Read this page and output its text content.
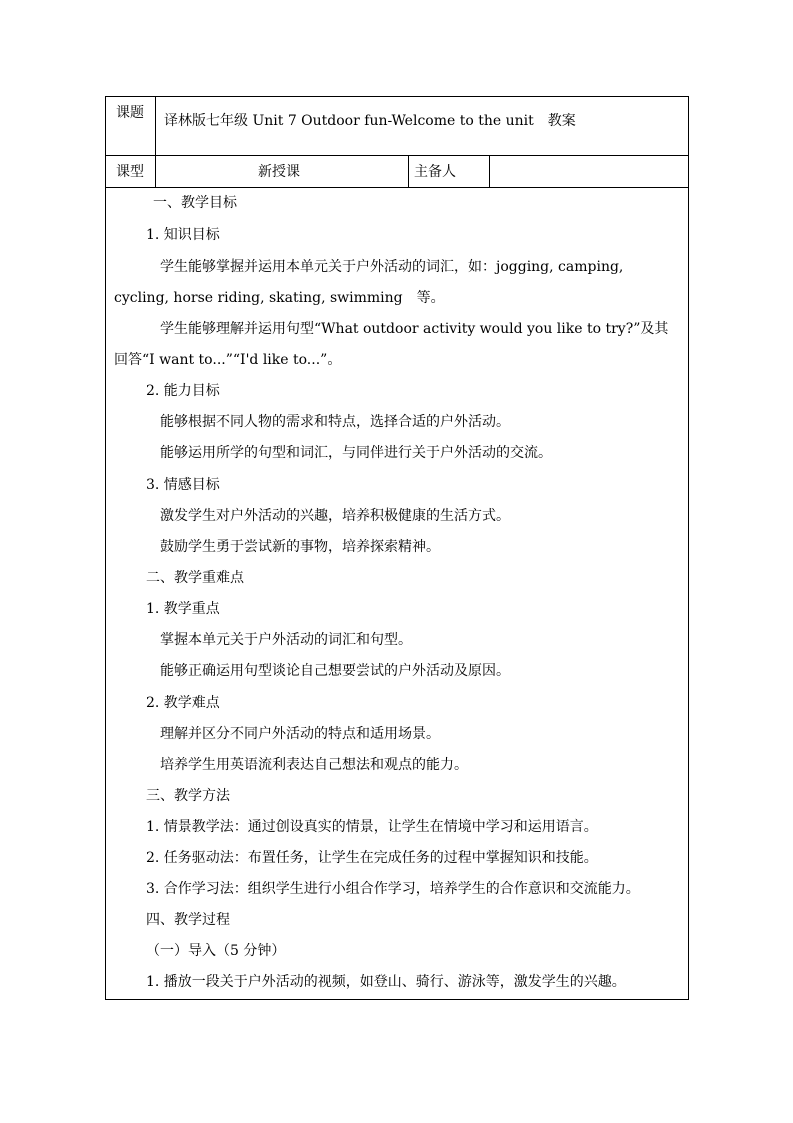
课题 译林版七年级 Unit 7 Outdoor fun-Welcome to the unit　教案
课型	新授课	主备人
一、教学目标
1. 知识目标
学生能够掌握并运用本单元关于户外活动的词汇，如：jogging, camping,
cycling, horse riding, skating, swimming　等。
学生能够理解并运用句型“What outdoor activity would you like to try?”及其
回答“I want to...”“I'd like to...”。
2. 能力目标
能够根据不同人物的需求和特点，选择合适的户外活动。
能够运用所学的句型和词汇，与同伴进行关于户外活动的交流。
3. 情感目标
激发学生对户外活动的兴趣，培养积极健康的生活方式。
鼓励学生勇于尝试新的事物，培养探索精神。
二、教学重难点
1. 教学重点
掌握本单元关于户外活动的词汇和句型。
能够正确运用句型谈论自己想要尝试的户外活动及原因。
2. 教学难点
理解并区分不同户外活动的特点和适用场景。
培养学生用英语流利表达自己想法和观点的能力。
三、教学方法
1. 情景教学法：通过创设真实的情景，让学生在情境中学习和运用语言。
2. 任务驱动法：布置任务，让学生在完成任务的过程中掌握知识和技能。
3. 合作学习法：组织学生进行小组合作学习，培养学生的合作意识和交流能力。
四、教学过程
（一）导入（5 分钟）
1. 播放一段关于户外活动的视频，如登山、骑行、游泳等，激发学生的兴趣。
